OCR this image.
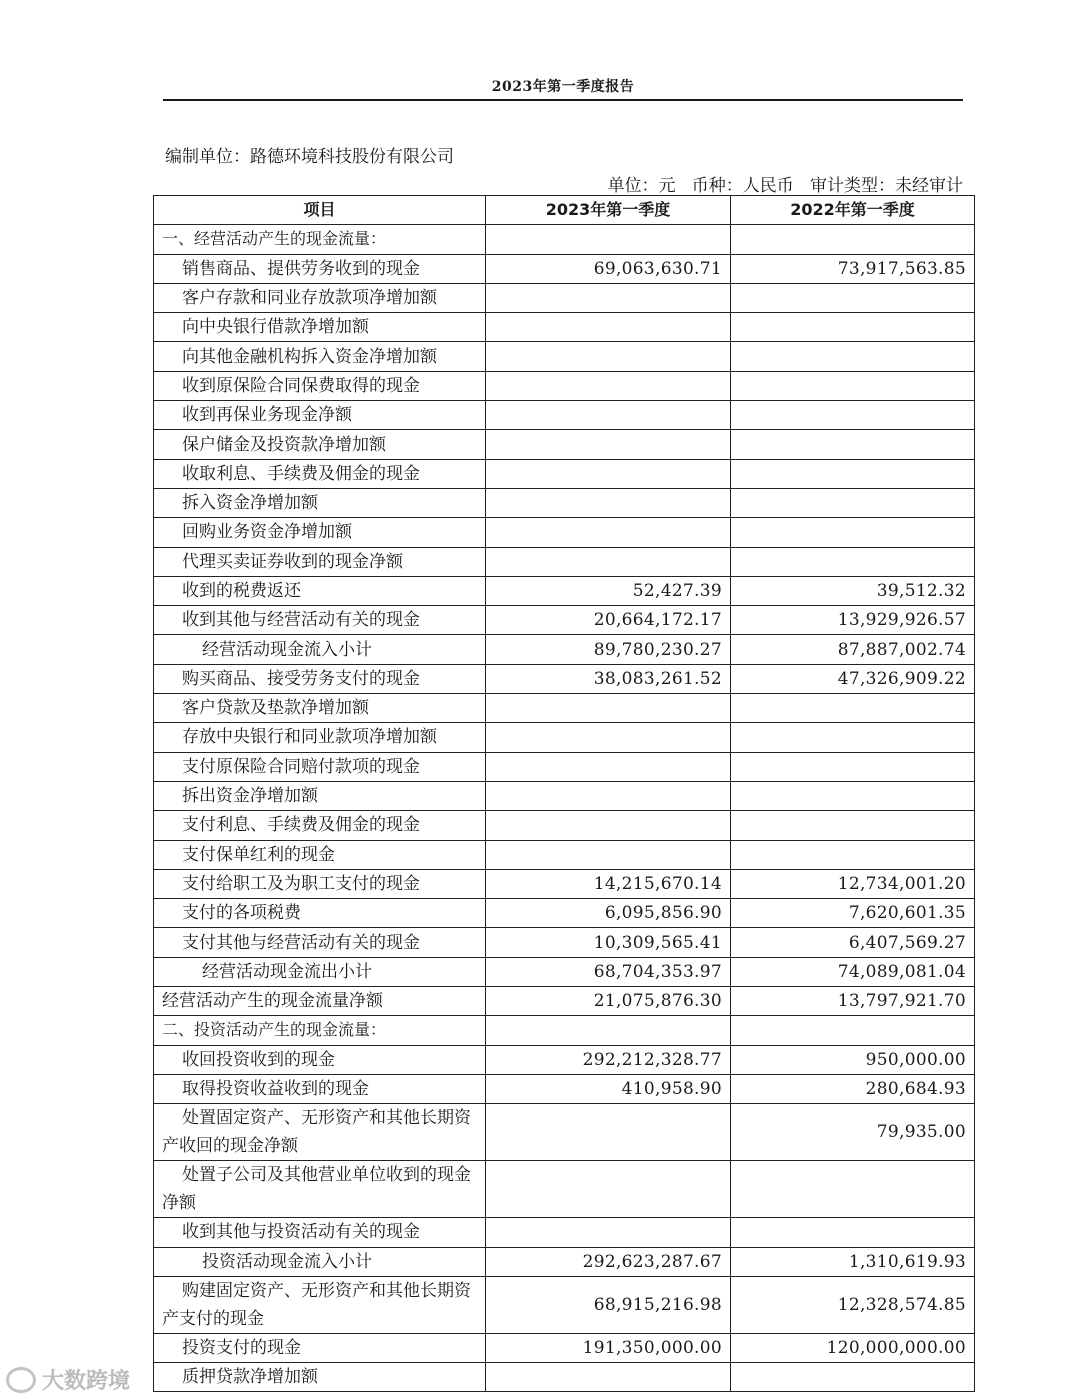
2023年第一季度报告
编制单位：路德环境科技股份有限公司
单位：元   币种：人民币   审计类型：未经审计
项目	2023年第一季度	2022年第一季度
一、经营活动产生的现金流量：		
销售商品、提供劳务收到的现金	69,063,630.71	73,917,563.85
客户存款和同业存放款项净增加额		
向中央银行借款净增加额		
向其他金融机构拆入资金净增加额		
收到原保险合同保费取得的现金		
收到再保业务现金净额		
保户储金及投资款净增加额		
收取利息、手续费及佣金的现金		
拆入资金净增加额		
回购业务资金净增加额		
代理买卖证券收到的现金净额		
收到的税费返还	52,427.39	39,512.32
收到其他与经营活动有关的现金	20,664,172.17	13,929,926.57
经营活动现金流入小计	89,780,230.27	87,887,002.74
购买商品、接受劳务支付的现金	38,083,261.52	47,326,909.22
客户贷款及垫款净增加额		
存放中央银行和同业款项净增加额		
支付原保险合同赔付款项的现金		
拆出资金净增加额		
支付利息、手续费及佣金的现金		
支付保单红利的现金		
支付给职工及为职工支付的现金	14,215,670.14	12,734,001.20
支付的各项税费	6,095,856.90	7,620,601.35
支付其他与经营活动有关的现金	10,309,565.41	6,407,569.27
经营活动现金流出小计	68,704,353.97	74,089,081.04
经营活动产生的现金流量净额	21,075,876.30	13,797,921.70
二、投资活动产生的现金流量：		
收回投资收到的现金	292,212,328.77	950,000.00
取得投资收益收到的现金	410,958.90	280,684.93
处置固定资产、无形资产和其他长期资产收回的现金净额		79,935.00
处置子公司及其他营业单位收到的现金净额		
收到其他与投资活动有关的现金		
投资活动现金流入小计	292,623,287.67	1,310,619.93
购建固定资产、无形资产和其他长期资产支付的现金	68,915,216.98	12,328,574.85
投资支付的现金	191,350,000.00	120,000,000.00
质押贷款净增加额		
大数跨境
